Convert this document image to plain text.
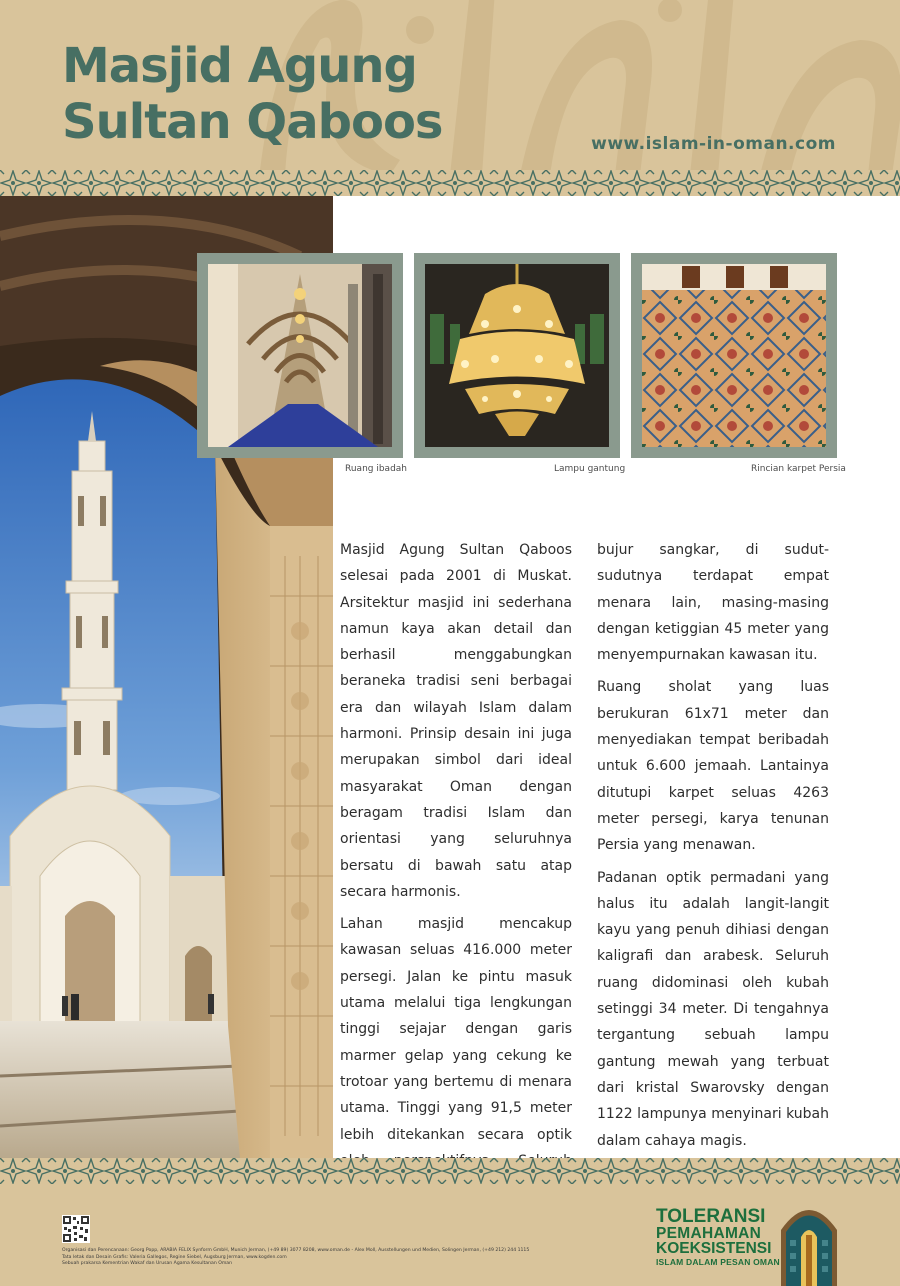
Masjid Agung
Sultan Qaboos	www.islam-in-oman.com
Ruang ibadah	Lampu gantung	Rincian karpet Persia

Masjid Agung Sultan Qaboos selesai pada 2001 di Muskat. Arsitektur masjid ini sederhana namun kaya akan detail dan berhasil menggabungkan beraneka tradisi seni berbagai era dan wilayah Islam dalam harmoni. Prinsip desain ini juga merupakan simbol dari ideal masyarakat Oman dengan beragam tradisi Islam dan orientasi yang seluruhnya bersatu di bawah satu atap secara harmonis.

Lahan masjid mencakup kawasan seluas 416.000 meter persegi. Jalan ke pintu masuk utama melalui tiga lengkungan tinggi sejajar dengan garis marmer gelap yang cekung ke trotoar yang bertemu di menara utama. Tinggi yang 91,5 meter lebih ditekankan secara optik

bujur sangkar, di sudut-sudutnya terdapat empat menara lain, masing-masing dengan ketiggian 45 meter yang menyempurnakan kawasan itu.

Ruang sholat yang luas berukuran 61x71 meter dan menyediakan tempat beribadah untuk 6.600 jemaah. Lantainya ditutupi karpet seluas 4263 meter persegi, karya tenunan Persia yang menawan.

Padanan optik permadani yang halus itu adalah langit-langit kayu yang penuh dihiasi dengan kaligrafi dan arabesk. Seluruh ruang didominasi oleh kubah setinggi 34 meter. Di tengahnya tergantung sebuah lampu gantung mewah yang terbuat dari kristal Swarovsky dengan 1122 lampunya menyinari kubah dalam cahaya magis.

Organisasi dan Perencanaan: Georg Popp, ARABIA FELIX Synform GmbH, Munich Jerman, (+49 89) 3077 8208, www.oman.de - Alex Moll, Ausstellungen und Medien, Solingen Jerman, (+49 212) 244 1115
Tata letak dan Desain Grafis: Valeria Gallegos, Regine Siebel, Augsburg Jerman, www.kogden.com
Sebuah prakarsa Kementrian Wakaf dan Urusan Agama Kesultanan Oman
TOLERANSI
PEMAHAMAN
KOEKSISTENSI
ISLAM DALAM PESAN OMAN
